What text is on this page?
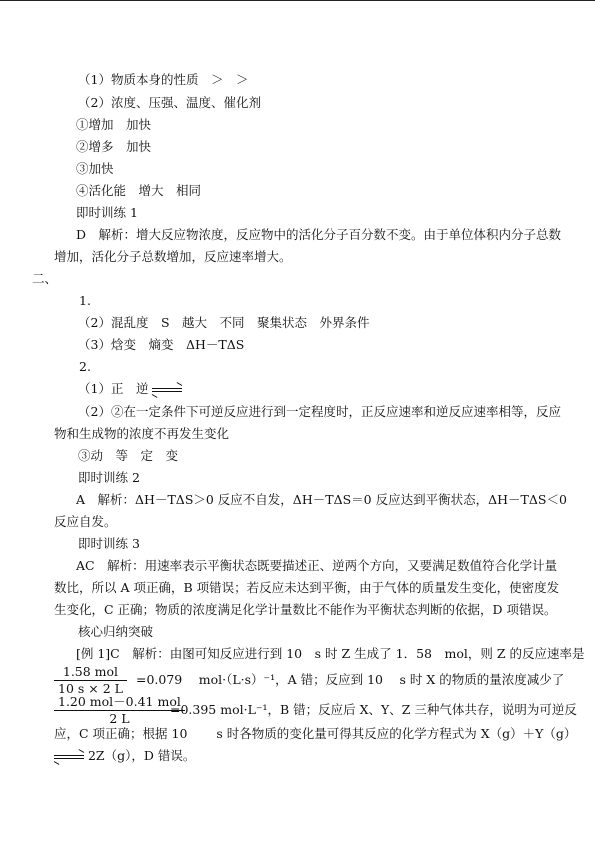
（1）物质本身的性质　＞　＞
（2）浓度、压强、温度、催化剂
①增加　加快
②增多　加快
③加快
④活化能　增大　相同
即时训练 1
D　解析：增大反应物浓度，反应物中的活化分子百分数不变。由于单位体积内分子总数
增加，活化分子总数增加，反应速率增大。
二、
1.
（2）混乱度　S　越大　不同　聚集状态　外界条件
（3）焓变　熵变　ΔH－TΔS
2.
（1）正　逆
（2）②在一定条件下可逆反应进行到一定程度时，正反应速率和逆反应速率相等，反应
物和生成物的浓度不再发生变化
③动　等　定　变
即时训练 2
A　解析：ΔH－TΔS＞0 反应不自发，ΔH－TΔS＝0 反应达到平衡状态，ΔH－TΔS＜0
反应自发。
即时训练 3
AC　解析：用速率表示平衡状态既要描述正、逆两个方向，又要满足数值符合化学计量
数比，所以 A 项正确，B 项错误；若反应未达到平衡，由于气体的质量发生变化，使密度发
生变化，C 正确；物质的浓度满足化学计量数比不能作为平衡状态判断的依据，D 项错误。
核心归纳突破
[例 1]C　解析：由图可知反应进行到 10　s 时 Z 生成了 1．58　mol，则 Z 的反应速率是
1.58 mol
10 s × 2 L
=0.079　 mol·（L·s）⁻¹，A 错；反应到 10　 s 时 X 的物质的量浓度减少了
1.20 mol－0.41 mol
2 L
=0.395 mol·L⁻¹，B 错；反应后 X、Y、Z 三种气体共存，说明为可逆反
应，C 项正确；根据 10　　 s 时各物质的变化量可得其反应的化学方程式为 X（g）＋Y（g）
2Z（g），D 错误。
